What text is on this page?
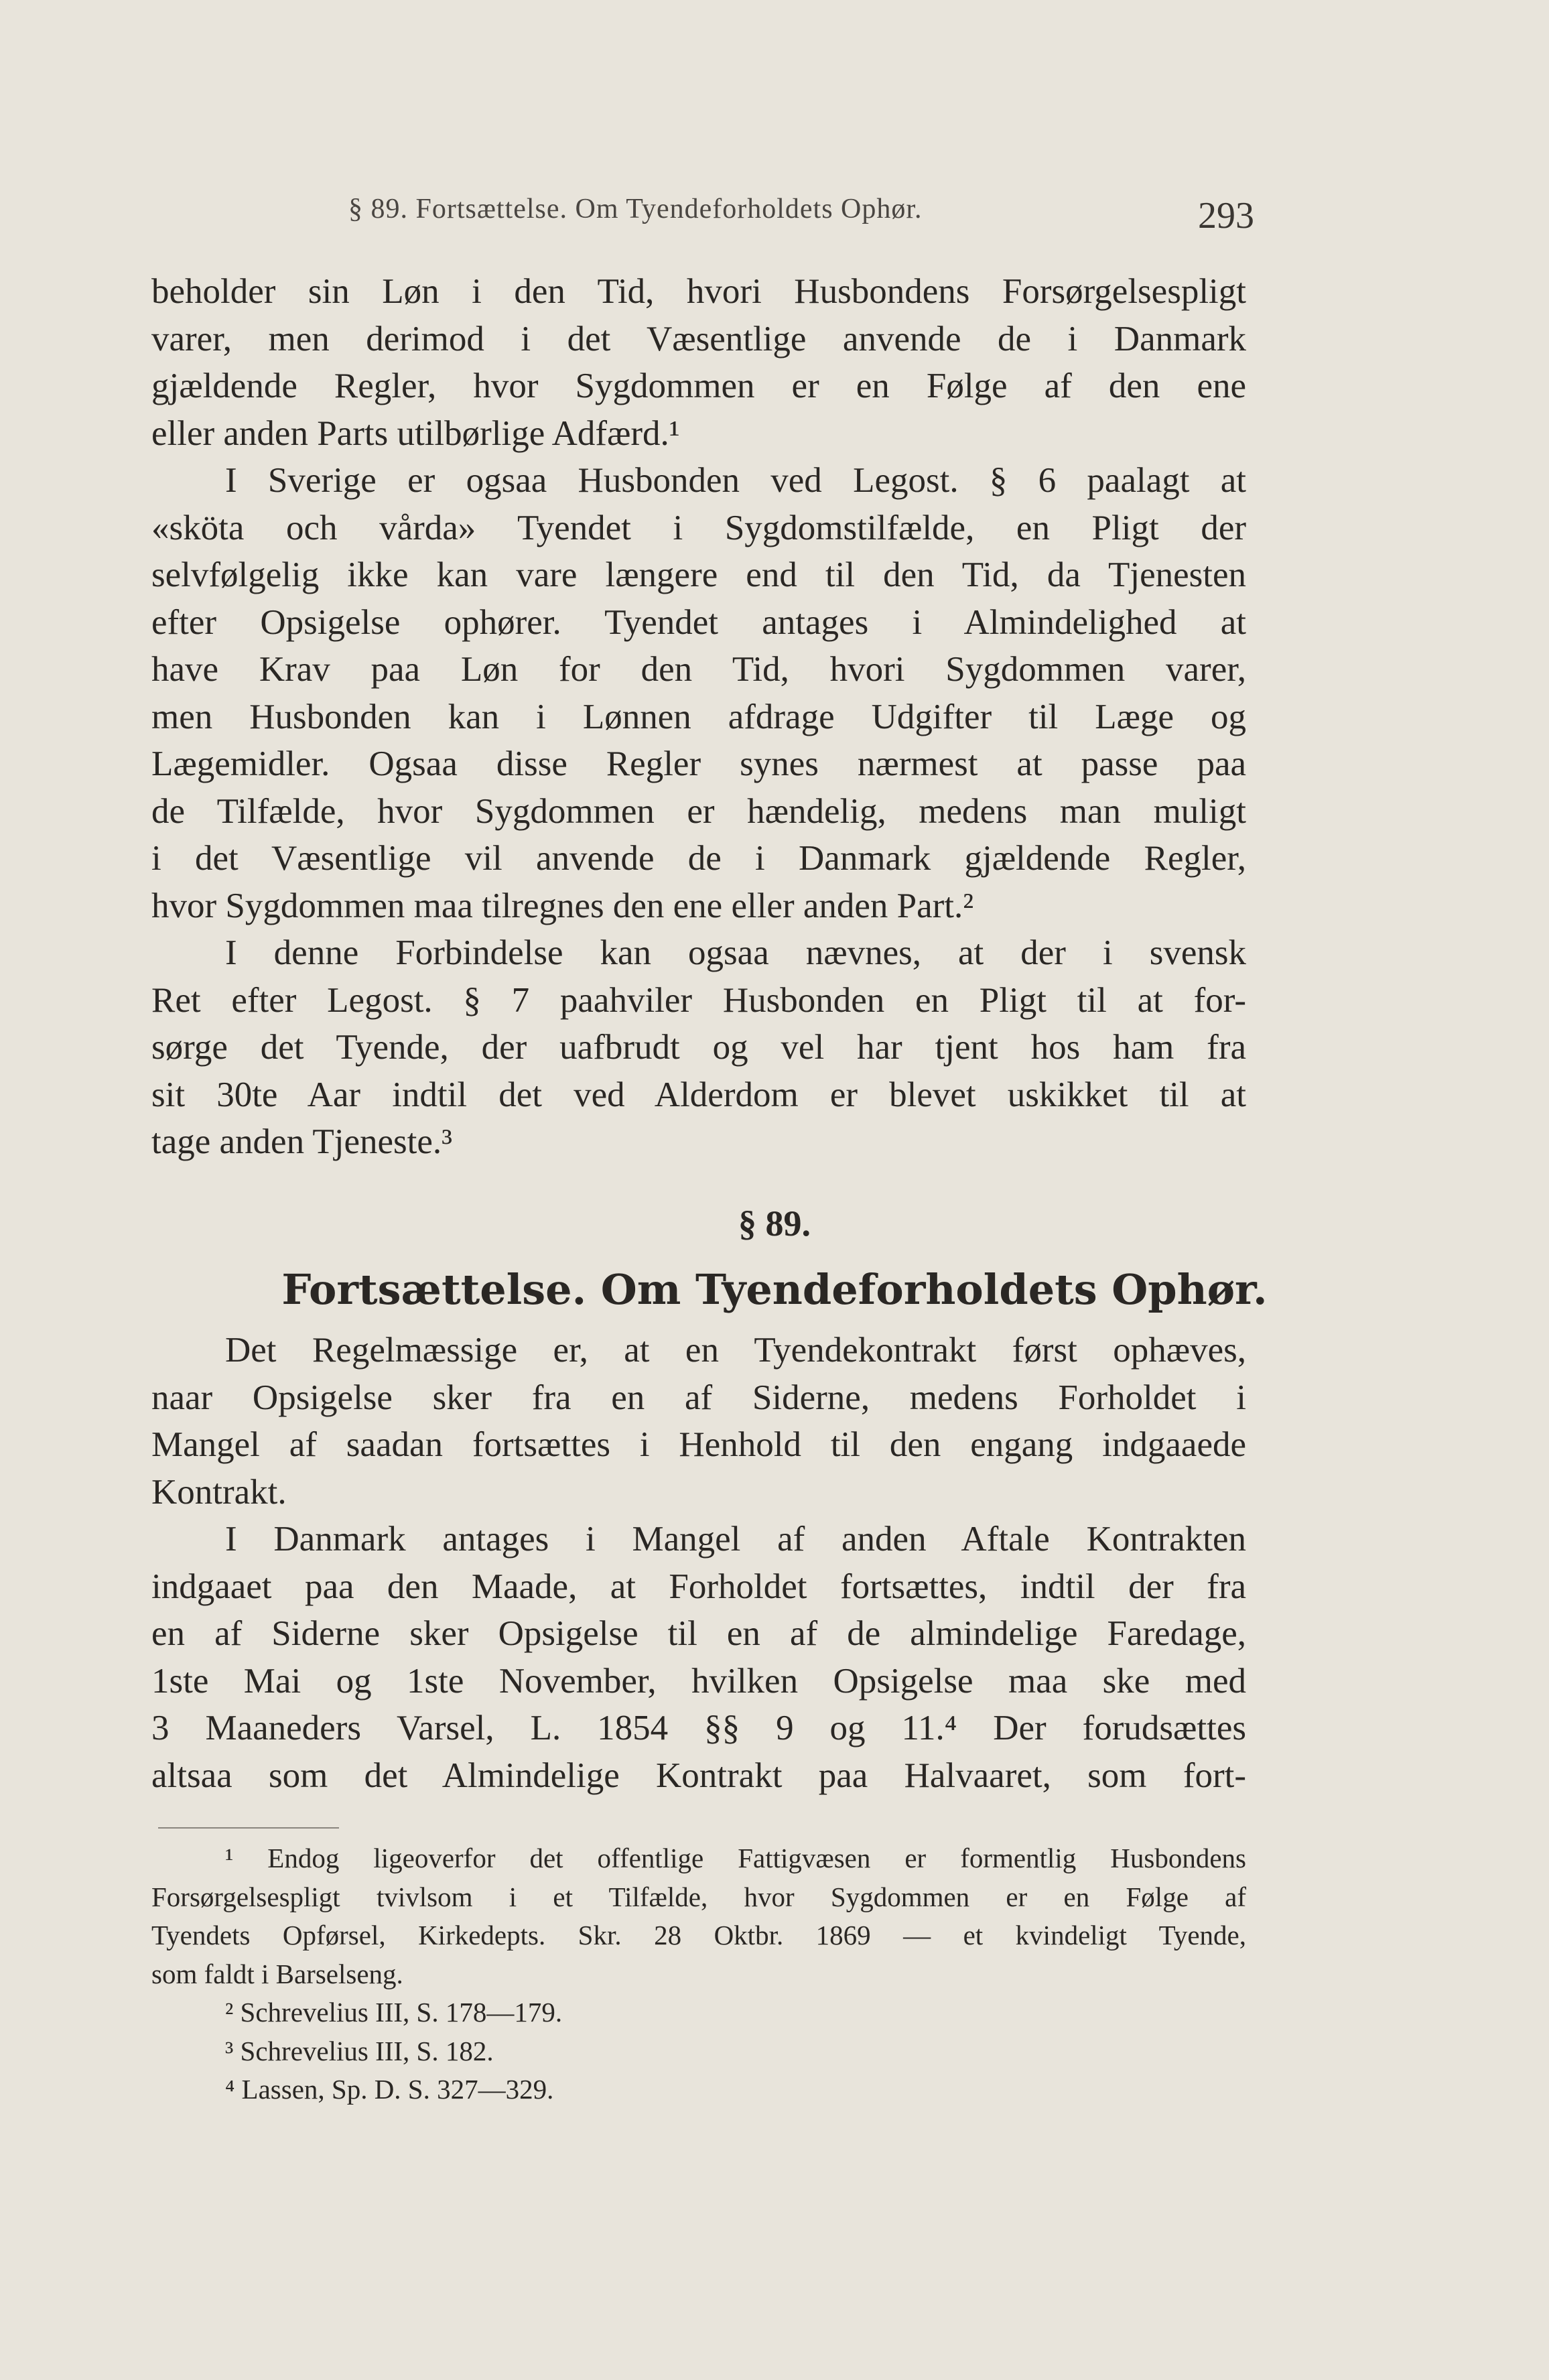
§ 89. Fortsættelse. Om Tyendeforholdets Ophør.	293
beholder sin Løn i den Tid, hvori Husbondens Forsørgelsespligt
varer, men derimod i det Væsentlige anvende de i Danmark
gjældende Regler, hvor Sygdommen er en Følge af den ene
eller anden Parts utilbørlige Adfærd.¹
I Sverige er ogsaa Husbonden ved Legost. § 6 paalagt at
«sköta och vårda» Tyendet i Sygdomstilfælde, en Pligt der
selvfølgelig ikke kan vare længere end til den Tid, da Tjenesten
efter Opsigelse ophører. Tyendet antages i Almindelighed at
have Krav paa Løn for den Tid, hvori Sygdommen varer,
men Husbonden kan i Lønnen afdrage Udgifter til Læge og
Lægemidler. Ogsaa disse Regler synes nærmest at passe paa
de Tilfælde, hvor Sygdommen er hændelig, medens man muligt
i det Væsentlige vil anvende de i Danmark gjældende Regler,
hvor Sygdommen maa tilregnes den ene eller anden Part.²
I denne Forbindelse kan ogsaa nævnes, at der i svensk
Ret efter Legost. § 7 paahviler Husbonden en Pligt til at for-
sørge det Tyende, der uafbrudt og vel har tjent hos ham fra
sit 30te Aar indtil det ved Alderdom er blevet uskikket til at
tage anden Tjeneste.³
§ 89.
Fortsættelse. Om Tyendeforholdets Ophør.
Det Regelmæssige er, at en Tyendekontrakt først ophæves,
naar Opsigelse sker fra en af Siderne, medens Forholdet i
Mangel af saadan fortsættes i Henhold til den engang indgaaede
Kontrakt.
I Danmark antages i Mangel af anden Aftale Kontrakten
indgaaet paa den Maade, at Forholdet fortsættes, indtil der fra
en af Siderne sker Opsigelse til en af de almindelige Faredage,
1ste Mai og 1ste November, hvilken Opsigelse maa ske med
3 Maaneders Varsel, L. 1854 §§ 9 og 11.⁴ Der forudsættes
altsaa som det Almindelige Kontrakt paa Halvaaret, som fort-
¹ Endog ligeoverfor det offentlige Fattigvæsen er formentlig Husbondens
Forsørgelsespligt tvivlsom i et Tilfælde, hvor Sygdommen er en Følge af
Tyendets Opførsel, Kirkedepts. Skr. 28 Oktbr. 1869 — et kvindeligt Tyende,
som faldt i Barselseng.
² Schrevelius III, S. 178—179.
³ Schrevelius III, S. 182.
⁴ Lassen, Sp. D. S. 327—329.
